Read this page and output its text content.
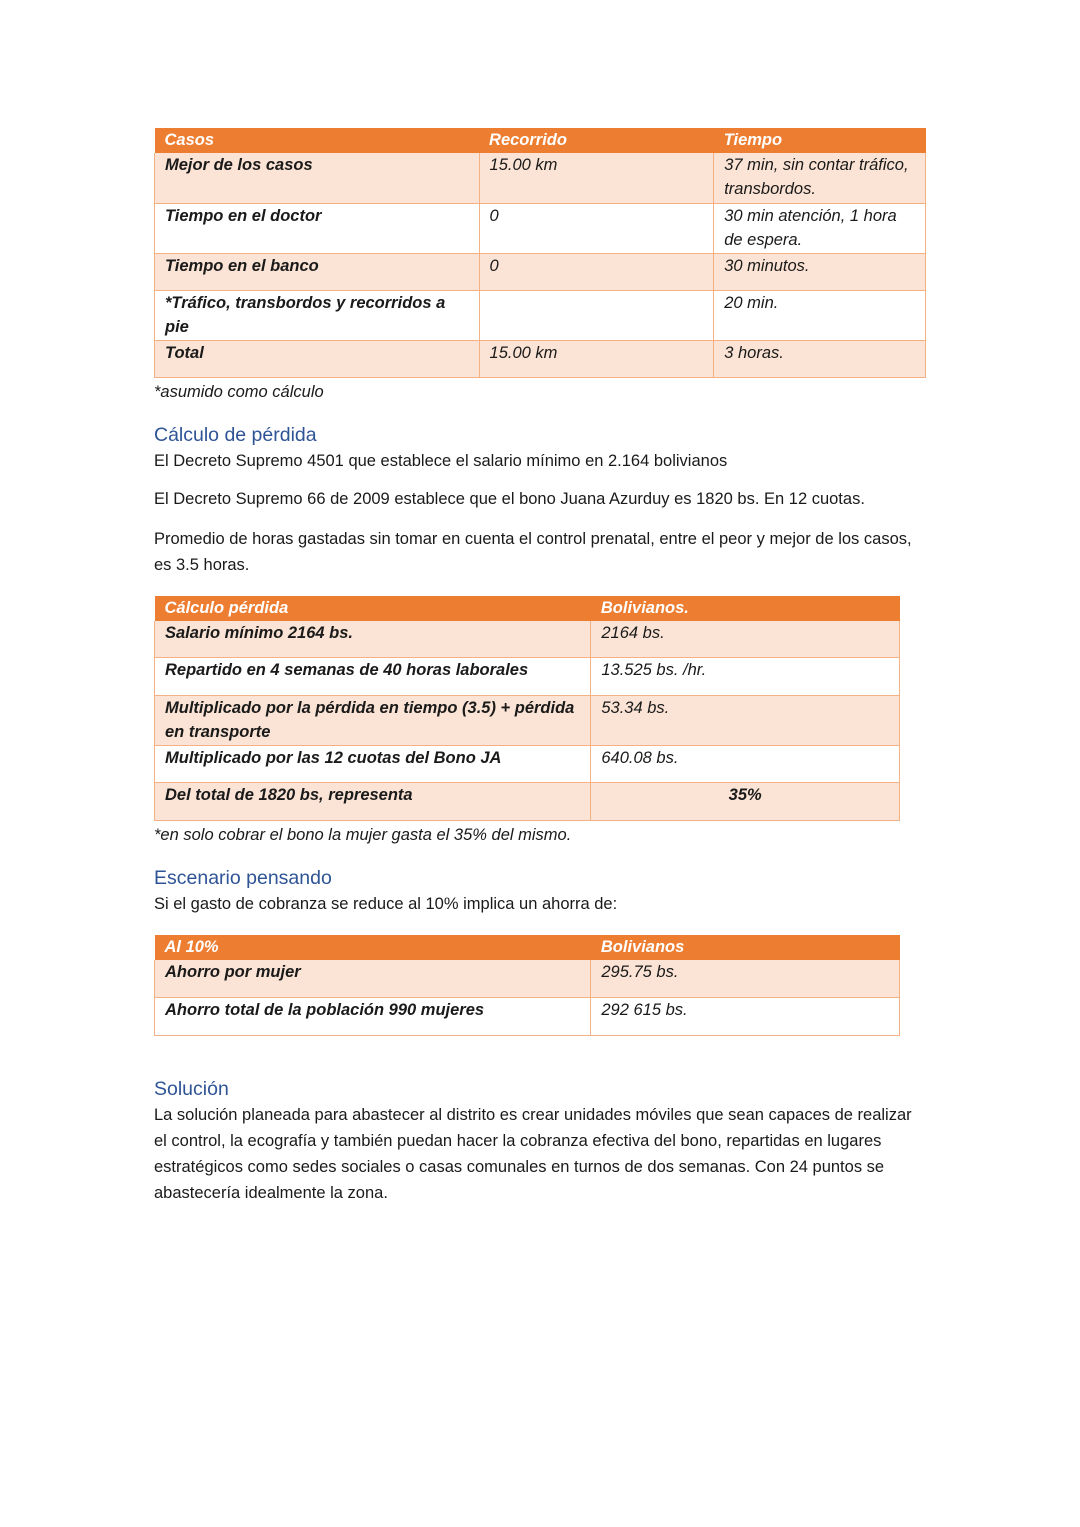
Casos	Recorrido	Tiempo
Mejor de los casos	15.00 km	37 min, sin contar tráfico, transbordos.
Tiempo en el doctor	0	30 min atención, 1 hora de espera.
Tiempo en el banco	0	30 minutos.
*Tráfico, transbordos y recorridos a pie		20 min.
Total	15.00 km	3 horas.

*asumido como cálculo

Cálculo de pérdida

El Decreto Supremo 4501 que establece el salario mínimo en 2.164 bolivianos

El Decreto Supremo 66 de 2009 establece que el bono Juana Azurduy es 1820 bs. En 12 cuotas.

Promedio de horas gastadas sin tomar en cuenta el control prenatal, entre el peor y mejor de los casos, es 3.5 horas.

Cálculo pérdida	Bolivianos.
Salario mínimo 2164 bs.	2164 bs.
Repartido en 4 semanas de 40 horas laborales	13.525 bs. /hr.
Multiplicado por la pérdida en tiempo (3.5) + pérdida en transporte	53.34 bs.
Multiplicado por las 12 cuotas del Bono JA	640.08 bs.
Del total de 1820 bs, representa	35%

*en solo cobrar el bono la mujer gasta el 35% del mismo.

Escenario pensando

Si el gasto de cobranza se reduce al 10% implica un ahorra de:

Al 10%	Bolivianos
Ahorro por mujer	295.75 bs.
Ahorro total de la población 990 mujeres	292 615 bs.
Solución

La solución planeada para abastecer al distrito es crear unidades móviles que sean capaces de realizar el control, la ecografía y también puedan hacer la cobranza efectiva del bono, repartidas en lugares estratégicos como sedes sociales o casas comunales en turnos de dos semanas. Con 24 puntos se abastecería idealmente la zona.
